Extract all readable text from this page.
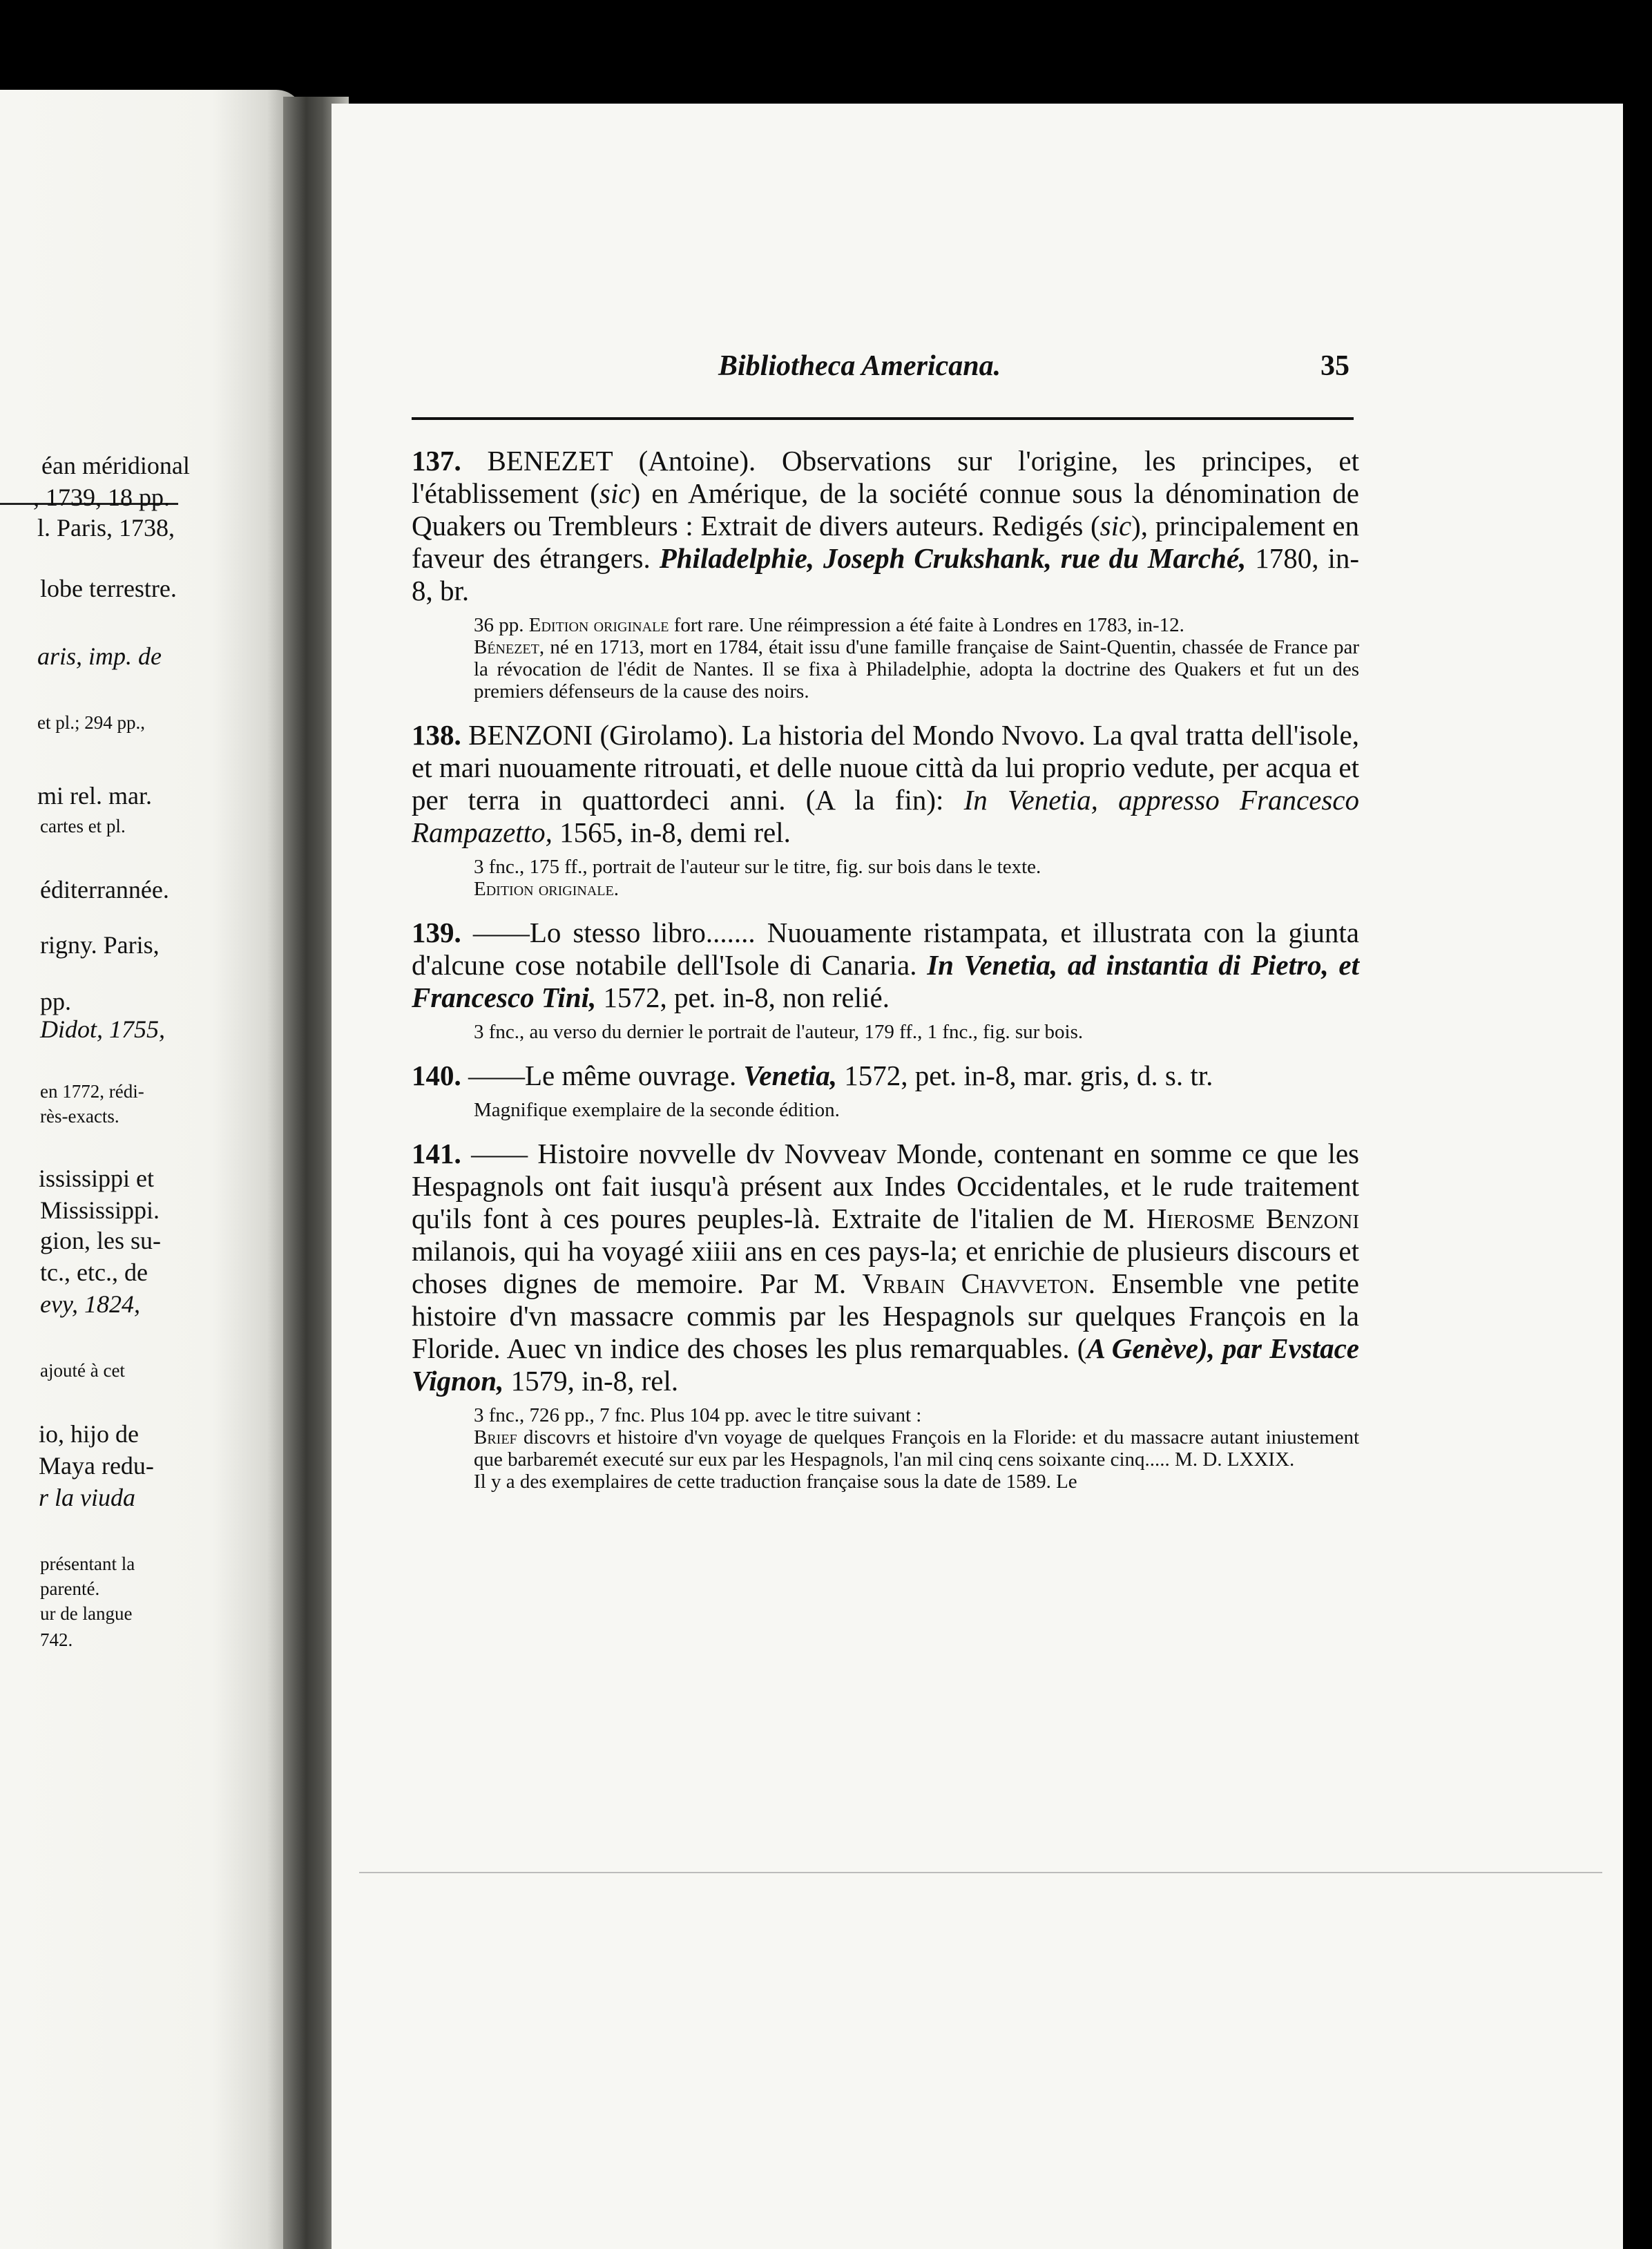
éan méridional
, 1739, 18 pp.
l. Paris, 1738,
lobe terrestre.
aris, imp. de
et pl.; 294 pp.,
mi rel. mar.
cartes et pl.
éditerrannée.
rigny. Paris,
pp.
Didot, 1755,
en 1772, rédi-
rès-exacts.
ississippi et
Mississippi.
gion, les su-
tc., etc., de
evy, 1824,
ajouté à cet
io, hijo de
Maya redu-
r la viuda
présentant la
parenté.
ur de langue
742.
Bibliotheca Americana.	35
137. BENEZET (Antoine). Observations sur l'origine, les principes, et l'établissement (sic) en Amérique, de la société connue sous la dénomination de Quakers ou Trembleurs : Extrait de divers auteurs. Redigés (sic), principalement en faveur des étrangers. Philadelphie, Joseph Crukshank, rue du Marché, 1780, in-8, br.

36 pp. Edition originale fort rare. Une réimpression a été faite à Londres en 1783, in-12.

Bénezet, né en 1713, mort en 1784, était issu d'une famille française de Saint-Quentin, chassée de France par la révocation de l'édit de Nantes. Il se fixa à Philadelphie, adopta la doctrine des Quakers et fut un des premiers défenseurs de la cause des noirs.

138. BENZONI (Girolamo). La historia del Mondo Nvovo. La qval tratta dell'isole, et mari nuouamente ritrouati, et delle nuoue città da lui proprio vedute, per acqua et per terra in quattordeci anni. (A la fin): In Venetia, appresso Francesco Rampazetto, 1565, in-8, demi rel.

3 fnc., 175 ff., portrait de l'auteur sur le titre, fig. sur bois dans le texte.

Edition originale.

139. ——Lo stesso libro....... Nuouamente ristampata, et illustrata con la giunta d'alcune cose notabile dell'Isole di Canaria. In Venetia, ad instantia di Pietro, et Francesco Tini, 1572, pet. in-8, non relié.

3 fnc., au verso du dernier le portrait de l'auteur, 179 ff., 1 fnc., fig. sur bois.

140. ——Le même ouvrage. Venetia, 1572, pet. in-8, mar. gris, d. s. tr.

Magnifique exemplaire de la seconde édition.

141. —— Histoire novvelle dv Novveav Monde, contenant en somme ce que les Hespagnols ont fait iusqu'à présent aux Indes Occidentales, et le rude traitement qu'ils font à ces poures peuples-là. Extraite de l'italien de M. Hierosme Benzoni milanois, qui ha voyagé xiiii ans en ces pays-la; et enrichie de plusieurs discours et choses dignes de memoire. Par M. Vrbain Chavveton. Ensemble vne petite histoire d'vn massacre commis par les Hespagnols sur quelques François en la Floride. Auec vn indice des choses les plus remarquables. (A Genève), par Evstace Vignon, 1579, in-8, rel.

3 fnc., 726 pp., 7 fnc. Plus 104 pp. avec le titre suivant :

Brief discovrs et histoire d'vn voyage de quelques François en la Floride: et du massacre autant iniustement que barbaremét executé sur eux par les Hespagnols, l'an mil cinq cens soixante cinq..... M. D. LXXIX.

Il y a des exemplaires de cette traduction française sous la date de 1589. Le
